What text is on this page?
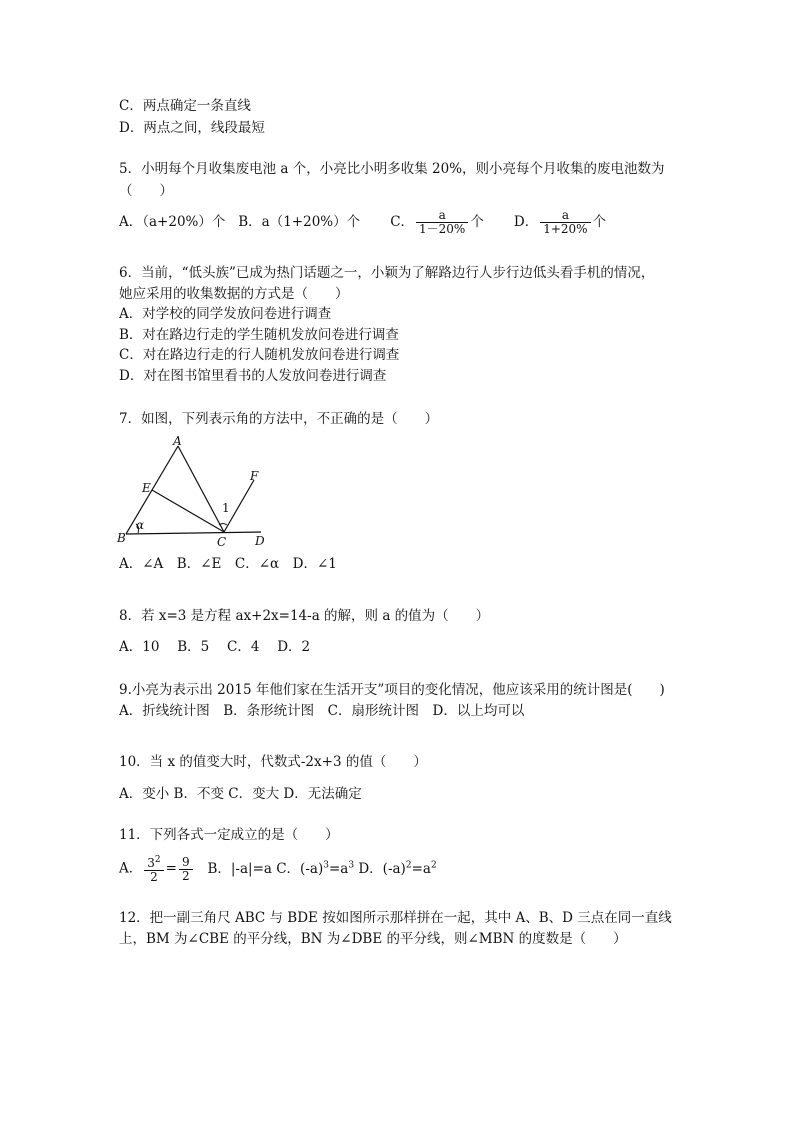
C．两点确定一条直线
D．两点之间，线段最短
5．小明每个月收集废电池 a 个，小亮比小明多收集 20%，则小亮每个月收集的废电池数为
（　　）
A．（a+20%）个 B．a（1+20%）个 C． $\frac{a}{1-20\%}$ 个 D． $\frac{a}{1+20\%}$ 个
6．当前，“低头族”已成为热门话题之一，小颖为了解路边行人步行边低头看手机的情况，
她应采用的收集数据的方式是（　　）
A．对学校的同学发放问卷进行调查
B．对在路边行走的学生随机发放问卷进行调查
C．对在路边行走的行人随机发放问卷进行调查
D．对在图书馆里看书的人发放问卷进行调查
7．如图，下列表示角的方法中，不正确的是（　　）
A
B	C D
E
F
1
α
A．∠A　B．∠E　C．∠α　D．∠1
8．若 x=3 是方程 ax+2x=14-a 的解，则 a 的值为（　　）
A．10　 B．5　 C．4　 D．2
9.小亮为表示出 2015 年他们家在生活开支”项目的变化情况，他应该采用的统计图是(　　)
A．折线统计图　B．条形统计图　C．扇形统计图　D．以上均可以
10．当 x 的值变大时，代数式-2x+3 的值（　　）
A．变小 B．不变 C．变大 D．无法确定
11．下列各式一定成立的是（　　）
A． $\frac{3^2}{2} = \frac{9}{2}$ B．|-a|=a C．$(-a)^3=a^3$ D．$(-a)^2=a^2$
12．把一副三角尺 ABC 与 BDE 按如图所示那样拼在一起，其中 A、B、D 三点在同一直线
上，BM 为∠CBE 的平分线，BN 为∠DBE 的平分线，则∠MBN 的度数是（　　）
